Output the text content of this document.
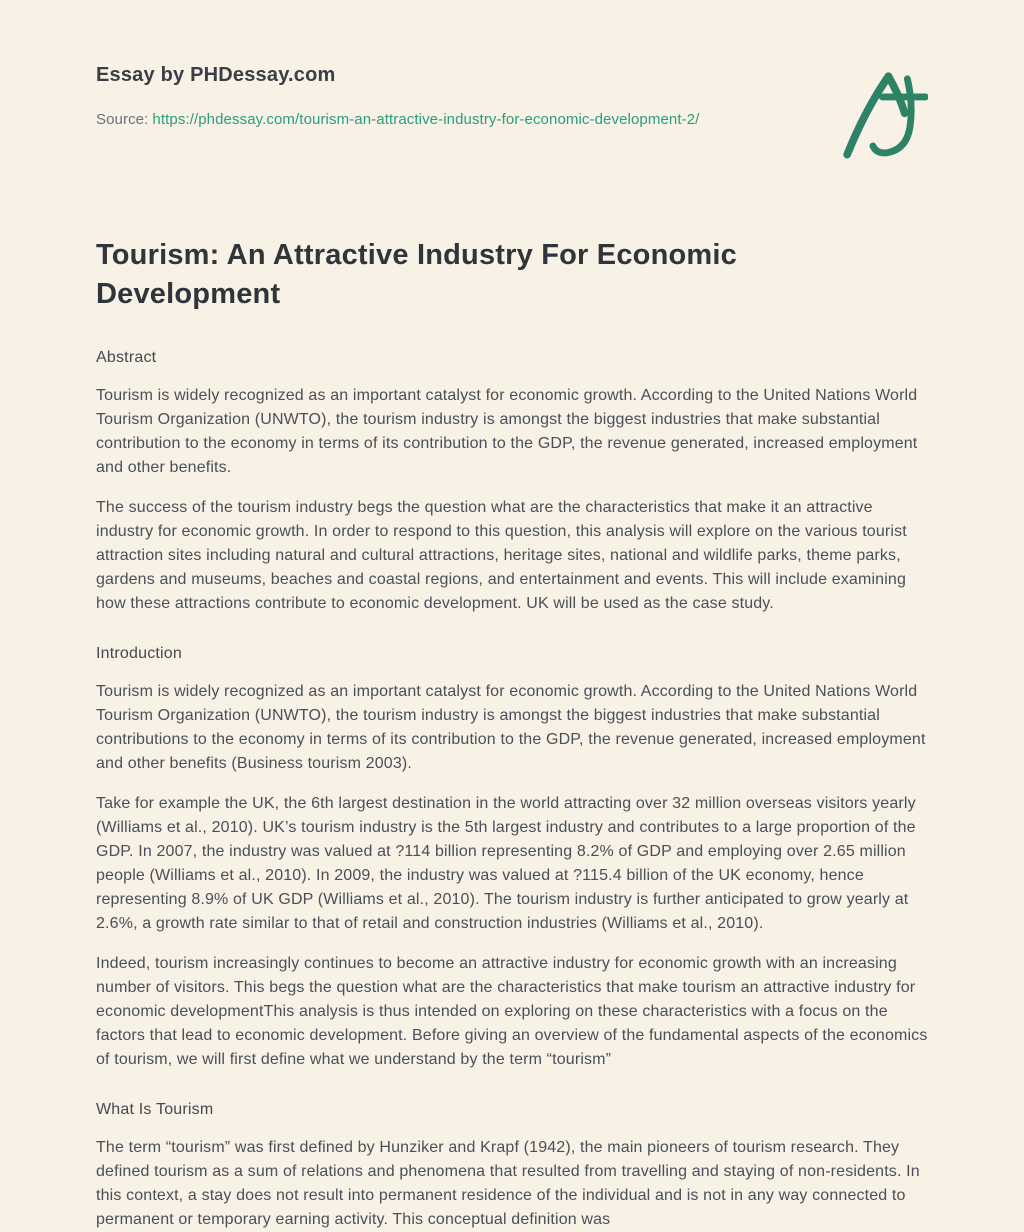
Essay by PHDessay.com
Source: https://phdessay.com/tourism-an-attractive-industry-for-economic-development-2/
Tourism: An Attractive Industry For Economic Development
Abstract

Tourism is widely recognized as an important catalyst for economic growth. According to the United Nations World Tourism Organization (UNWTO), the tourism industry is amongst the biggest industries that make substantial contribution to the economy in terms of its contribution to the GDP, the revenue generated, increased employment and other benefits.

The success of the tourism industry begs the question what are the characteristics that make it an attractive industry for economic growth. In order to respond to this question, this analysis will explore on the various tourist attraction sites including natural and cultural attractions, heritage sites, national and wildlife parks, theme parks, gardens and museums, beaches and coastal regions, and entertainment and events. This will include examining how these attractions contribute to economic development. UK will be used as the case study.

Introduction

Tourism is widely recognized as an important catalyst for economic growth. According to the United Nations World Tourism Organization (UNWTO), the tourism industry is amongst the biggest industries that make substantial contributions to the economy in terms of its contribution to the GDP, the revenue generated, increased employment and other benefits (Business tourism 2003).

Take for example the UK, the 6th largest destination in the world attracting over 32 million overseas visitors yearly (Williams et al., 2010). UK’s tourism industry is the 5th largest industry and contributes to a large proportion of the GDP. In 2007, the industry was valued at ?114 billion representing 8.2% of GDP and employing over 2.65 million people (Williams et al., 2010). In 2009, the industry was valued at ?115.4 billion of the UK economy, hence representing 8.9% of UK GDP (Williams et al., 2010). The tourism industry is further anticipated to grow yearly at 2.6%, a growth rate similar to that of retail and construction industries (Williams et al., 2010).

Indeed, tourism increasingly continues to become an attractive industry for economic growth with an increasing number of visitors. This begs the question what are the characteristics that make tourism an attractive industry for economic developmentThis analysis is thus intended on exploring on these characteristics with a focus on the factors that lead to economic development. Before giving an overview of the fundamental aspects of the economics of tourism, we will first define what we understand by the term “tourism”

What Is Tourism

The term “tourism” was first defined by Hunziker and Krapf (1942), the main pioneers of tourism research. They defined tourism as a sum of relations and phenomena that resulted from travelling and staying of non-residents. In this context, a stay does not result into permanent residence of the individual and is not in any way connected to permanent or temporary earning activity. This conceptual definition was
